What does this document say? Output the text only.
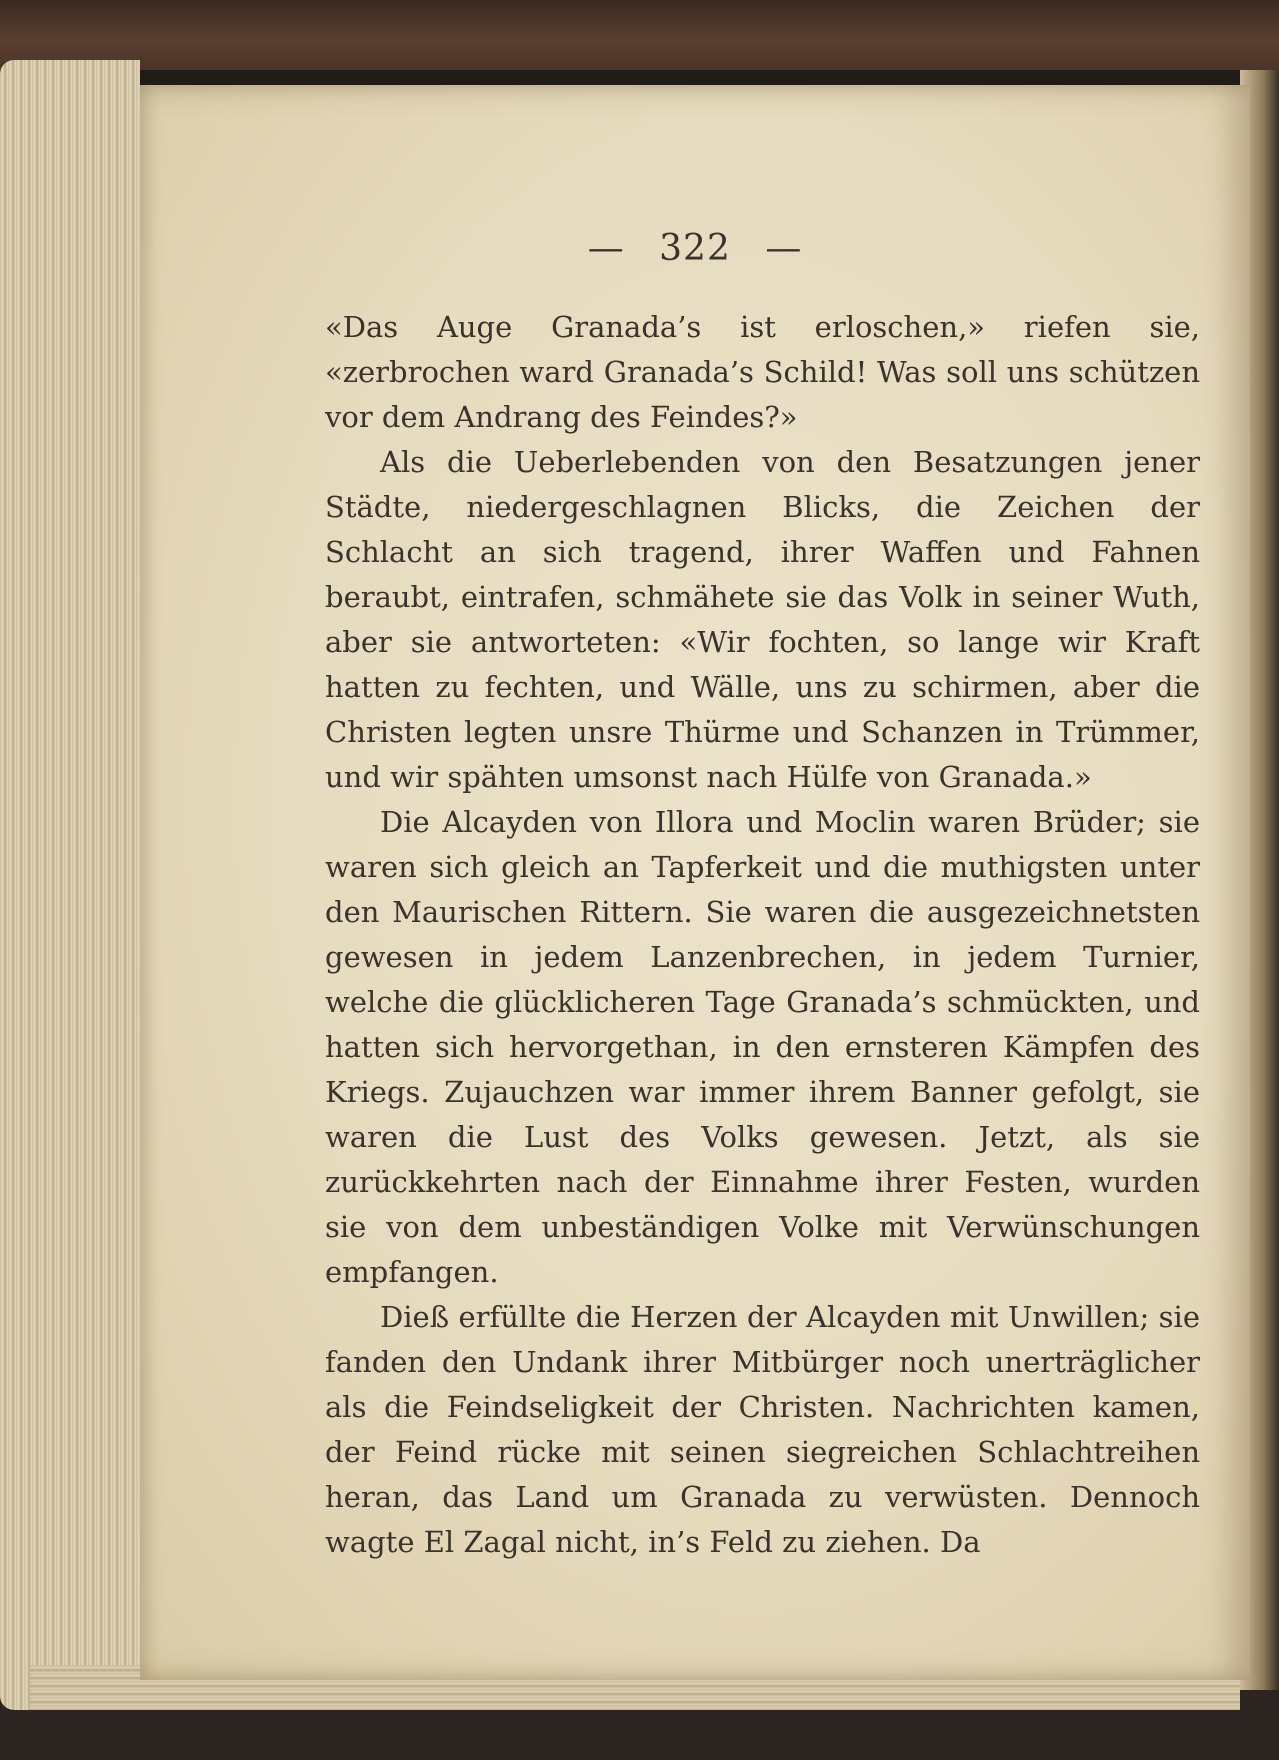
— 322 —

«Das Auge Granada’s ist erloschen,» riefen sie, «zerbrochen ward Granada’s Schild! Was soll uns schützen vor dem Andrang des Feindes?»

Als die Ueberlebenden von den Besatzungen jener Städte, niedergeschlagnen Blicks, die Zeichen der Schlacht an sich tragend, ihrer Waffen und Fahnen beraubt, eintrafen, schmähete sie das Volk in seiner Wuth, aber sie antworteten: «Wir fochten, so lange wir Kraft hatten zu fechten, und Wälle, uns zu schirmen, aber die Christen legten unsre Thürme und Schanzen in Trümmer, und wir spähten umsonst nach Hülfe von Granada.»

Die Alcayden von Illora und Moclin waren Brüder; sie waren sich gleich an Tapferkeit und die muthigsten unter den Maurischen Rittern. Sie waren die ausgezeichnetsten gewesen in jedem Lanzenbrechen, in jedem Turnier, welche die glücklicheren Tage Granada’s schmückten, und hatten sich hervorgethan, in den ernsteren Kämpfen des Kriegs. Zujauchzen war immer ihrem Banner gefolgt, sie waren die Lust des Volks gewesen. Jetzt, als sie zurückkehrten nach der Einnahme ihrer Festen, wurden sie von dem unbeständigen Volke mit Verwünschungen empfangen.

Dieß erfüllte die Herzen der Alcayden mit Unwillen; sie fanden den Undank ihrer Mitbürger noch unerträglicher als die Feindseligkeit der Christen. Nachrichten kamen, der Feind rücke mit seinen siegreichen Schlachtreihen heran, das Land um Granada zu verwüsten. Dennoch wagte El Zagal nicht, in’s Feld zu ziehen. Da
